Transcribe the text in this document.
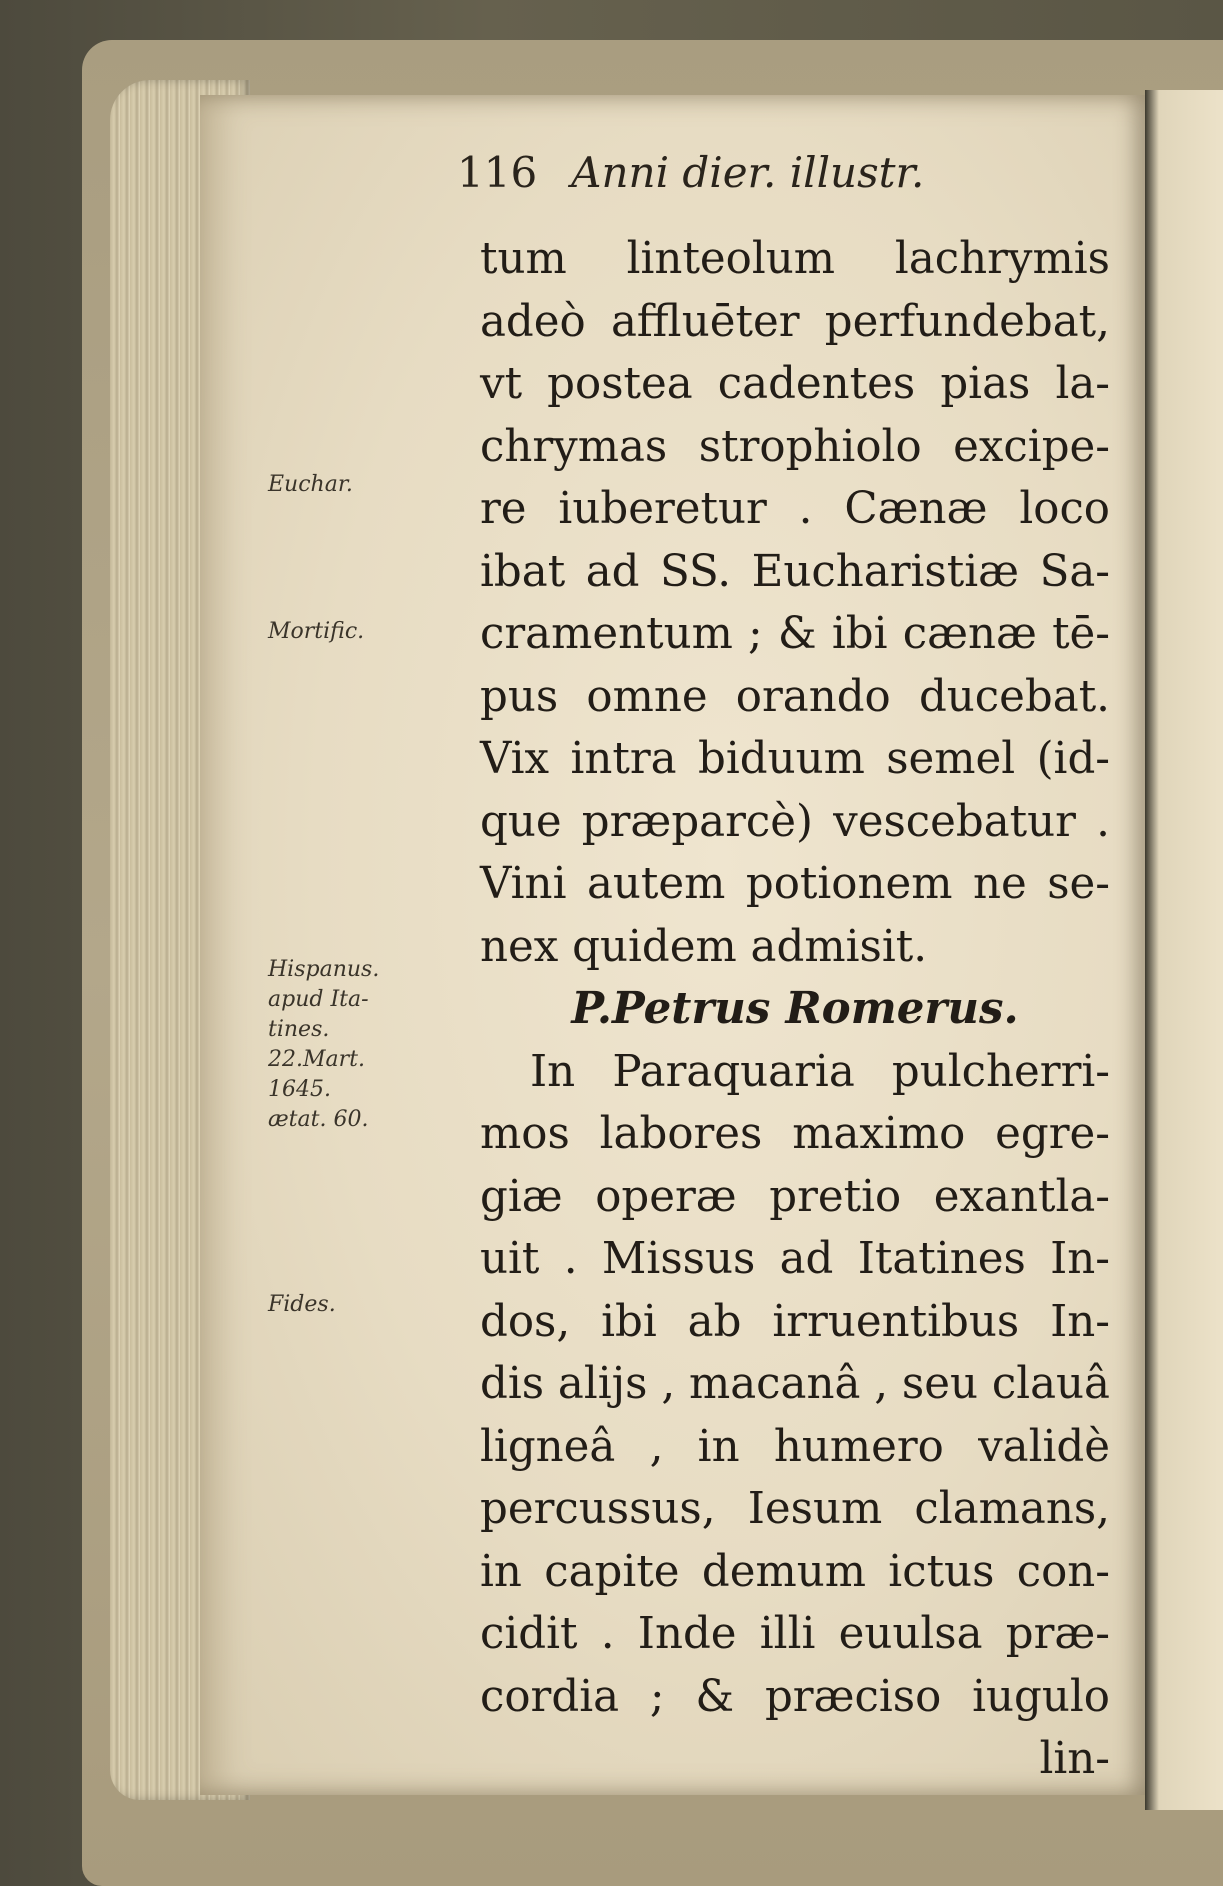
116 Anni dier. illustr.
tum linteolum lachrymis
adeò affluēter perfundebat,
vt postea cadentes pias la-
chrymas strophiolo excipe-
re iuberetur . Cænæ loco
ibat ad SS. Eucharistiæ Sa-
cramentum ; & ibi cænæ tē-
pus omne orando ducebat.
Vix intra biduum semel (id-
que præparcè) vescebatur .
Vini autem potionem ne se-
nex quidem admisit.
P.Petrus Romerus.
In Paraquaria pulcherri-
mos labores maximo egre-
giæ operæ pretio exantla-
uit . Missus ad Itatines In-
dos, ibi ab irruentibus In-
dis alijs , macanâ , seu clauâ
ligneâ , in humero validè
percussus, Iesum clamans,
in capite demum ictus con-
cidit . Inde illi euulsa præ-
cordia ; & præciso iugulo
lin-
Euchar.
Mortific.
Hispanus.
apud Ita-
tines.
22.Mart.
1645.
ætat. 60.
Fides.
